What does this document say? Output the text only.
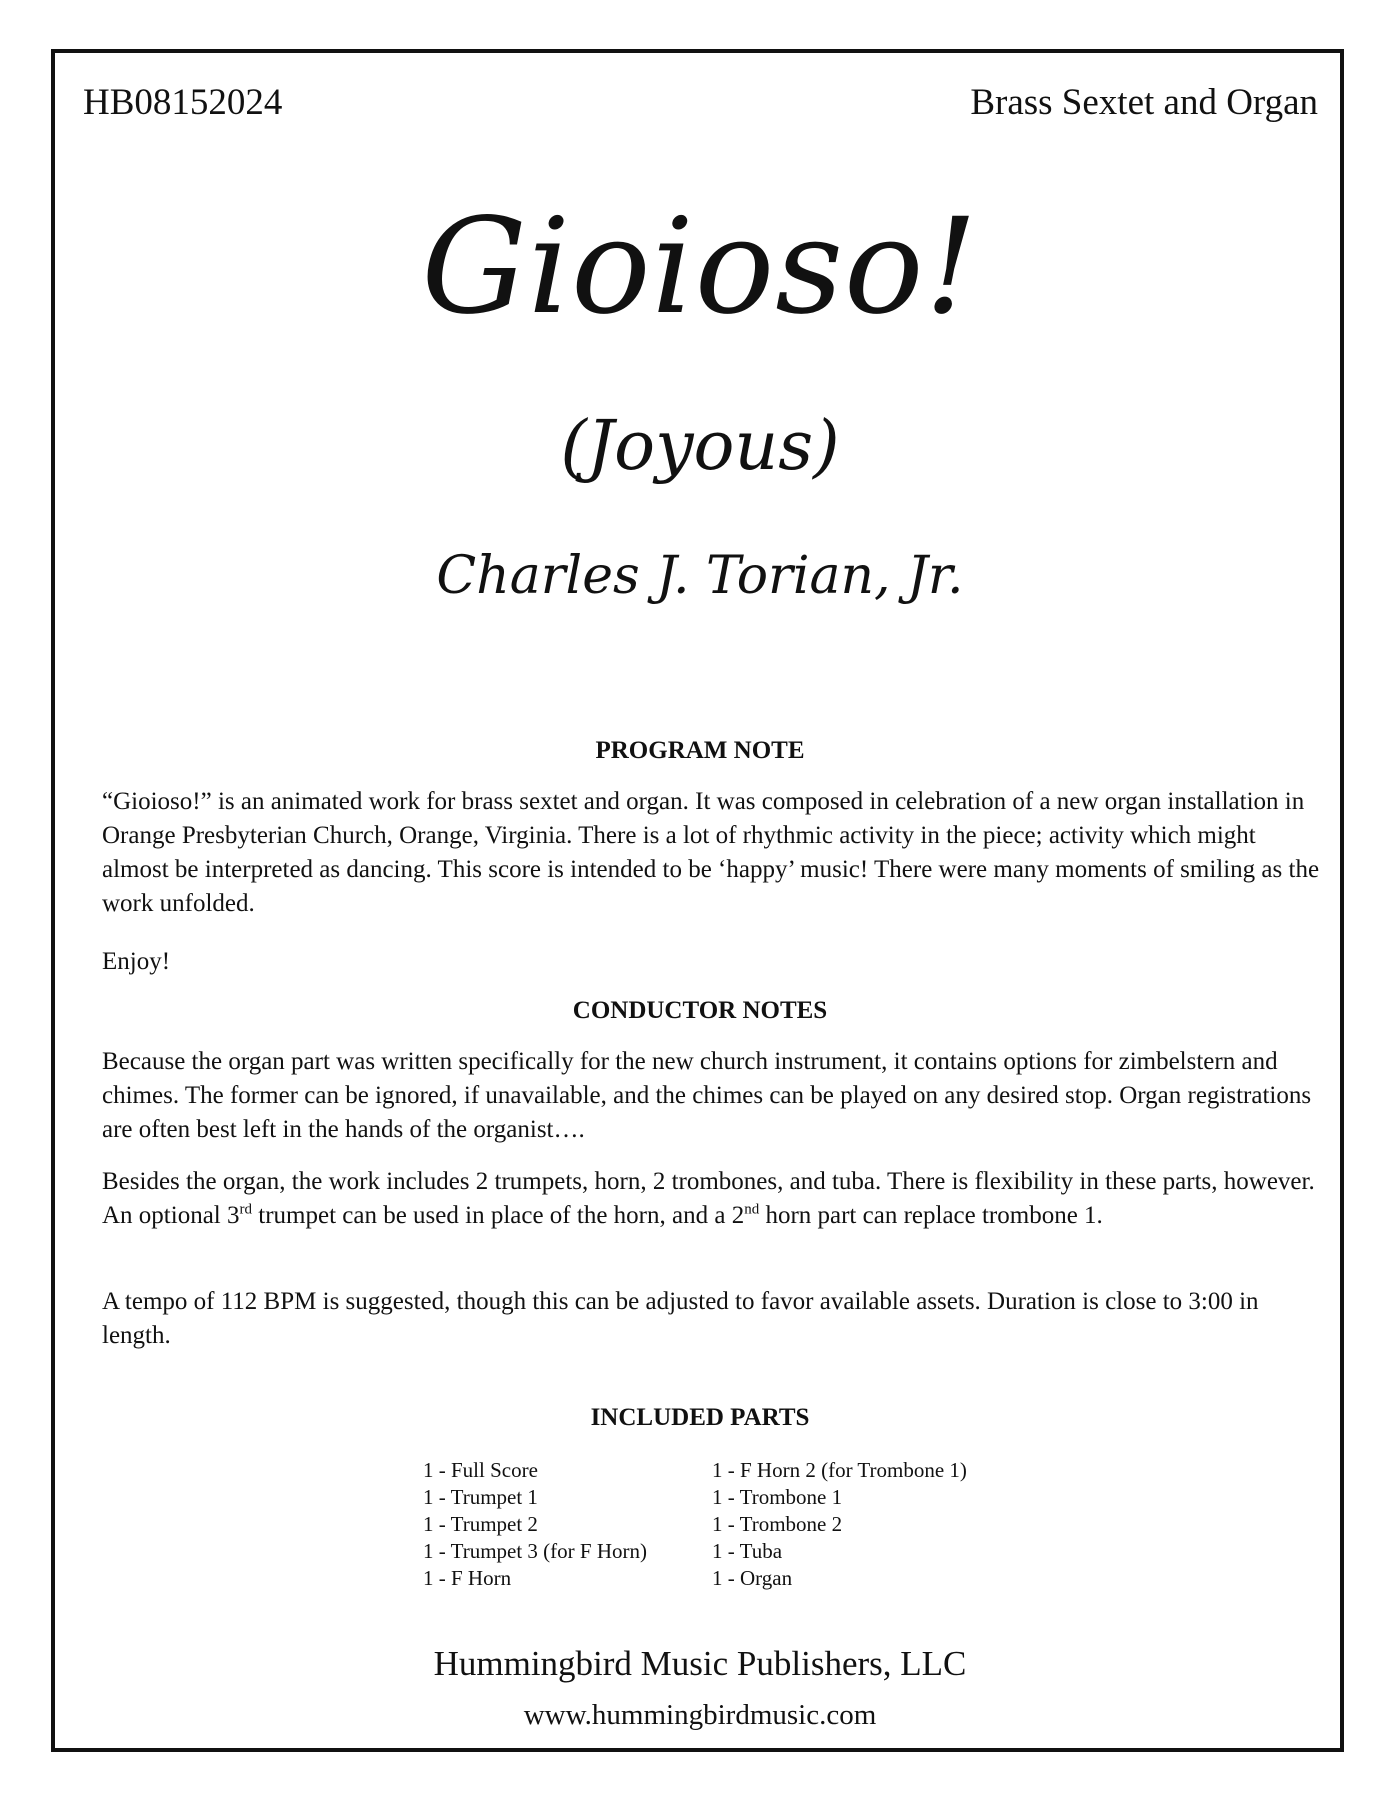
HB08152024	Brass Sextet and Organ
Gioioso!
(Joyous)
Charles J. Torian, Jr.
PROGRAM NOTE

“Gioioso!” is an animated work for brass sextet and organ. It was composed in celebration of a new organ installation in Orange Presbyterian Church, Orange, Virginia. There is a lot of rhythmic activity in the piece; activity which might almost be interpreted as dancing. This score is intended to be ‘happy’ music! There were many moments of smiling as the work unfolded.

Enjoy!

CONDUCTOR NOTES

Because the organ part was written specifically for the new church instrument, it contains options for zimbelstern and chimes. The former can be ignored, if unavailable, and the chimes can be played on any desired stop. Organ registrations are often best left in the hands of the organist….

Besides the organ, the work includes 2 trumpets, horn, 2 trombones, and tuba. There is flexibility in these parts, however. An optional 3rd trumpet can be used in place of the horn, and a 2nd horn part can replace trombone 1.

A tempo of 112 BPM is suggested, though this can be adjusted to favor available assets. Duration is close to 3:00 in length.

INCLUDED PARTS
1 - Full Score
1 - Trumpet 1
1 - Trumpet 2
1 - Trumpet 3 (for F Horn)
1 - F Horn
1 - F Horn 2 (for Trombone 1)
1 - Trombone 1
1 - Trombone 2
1 - Tuba
1 - Organ
Hummingbird Music Publishers, LLC
www.hummingbirdmusic.com
